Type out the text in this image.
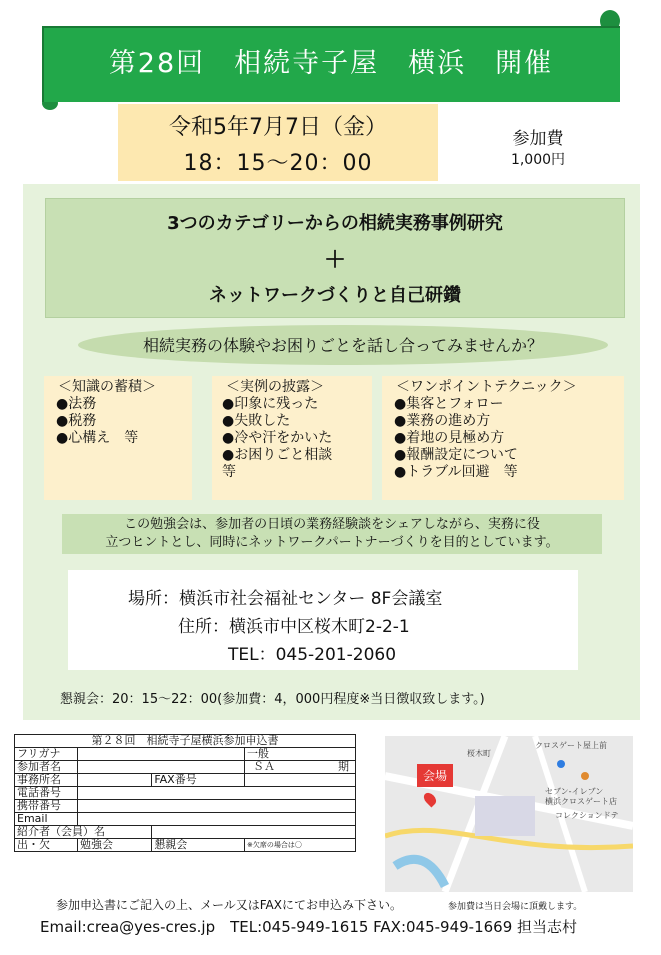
第28回　相続寺子屋　横浜　開催
令和5年7月7日（金）
18：15〜20：00
参加費
1,000円
3つのカテゴリーからの相続実務事例研究
＋
ネットワークづくりと自己研鑽
相続実務の体験やお困りごとを話し合ってみませんか？
＜知識の蓄積＞
●法務
●税務
●心構え　等
＜実例の披露＞
●印象に残った
●失敗した
●冷や汗をかいた
●お困りごと相談
等
＜ワンポイントテクニック＞
●集客とフォロー
●業務の進め方
●着地の見極め方
●報酬設定について
●トラブル回避　等
この勉強会は、参加者の日頃の業務経験談をシェアしながら、実務に役
立つヒントとし、同時にネットワークパートナーづくりを目的としています。
場所：横浜市社会福祉センター 8F会議室
住所：横浜市中区桜木町2-2-1
TEL：045-201-2060
懇親会：20：15〜22：00(参加費：4，000円程度※当日徴収致します。)
第２８回　相続寺子屋横浜参加申込書			
フリガナ			一般
参加者名			ＳＡ 期

事務所名		FAX番号	
電話番号			
携帯番号			
Email			
紹介者（会員）名			
出・欠	勉強会	懇親会	※欠席の場合は〇
会場
桜木町
クロスゲート屋上前
セブン-イレブン
横浜クロスゲート店
コレクションドテ
参加申込書にご記入の上、メール又はFAXにてお申込み下さい。	参加費は当日会場に頂戴します。
Email:crea@yes-cres.jp　TEL:045-949-1615 FAX:045-949-1669 担当志村
